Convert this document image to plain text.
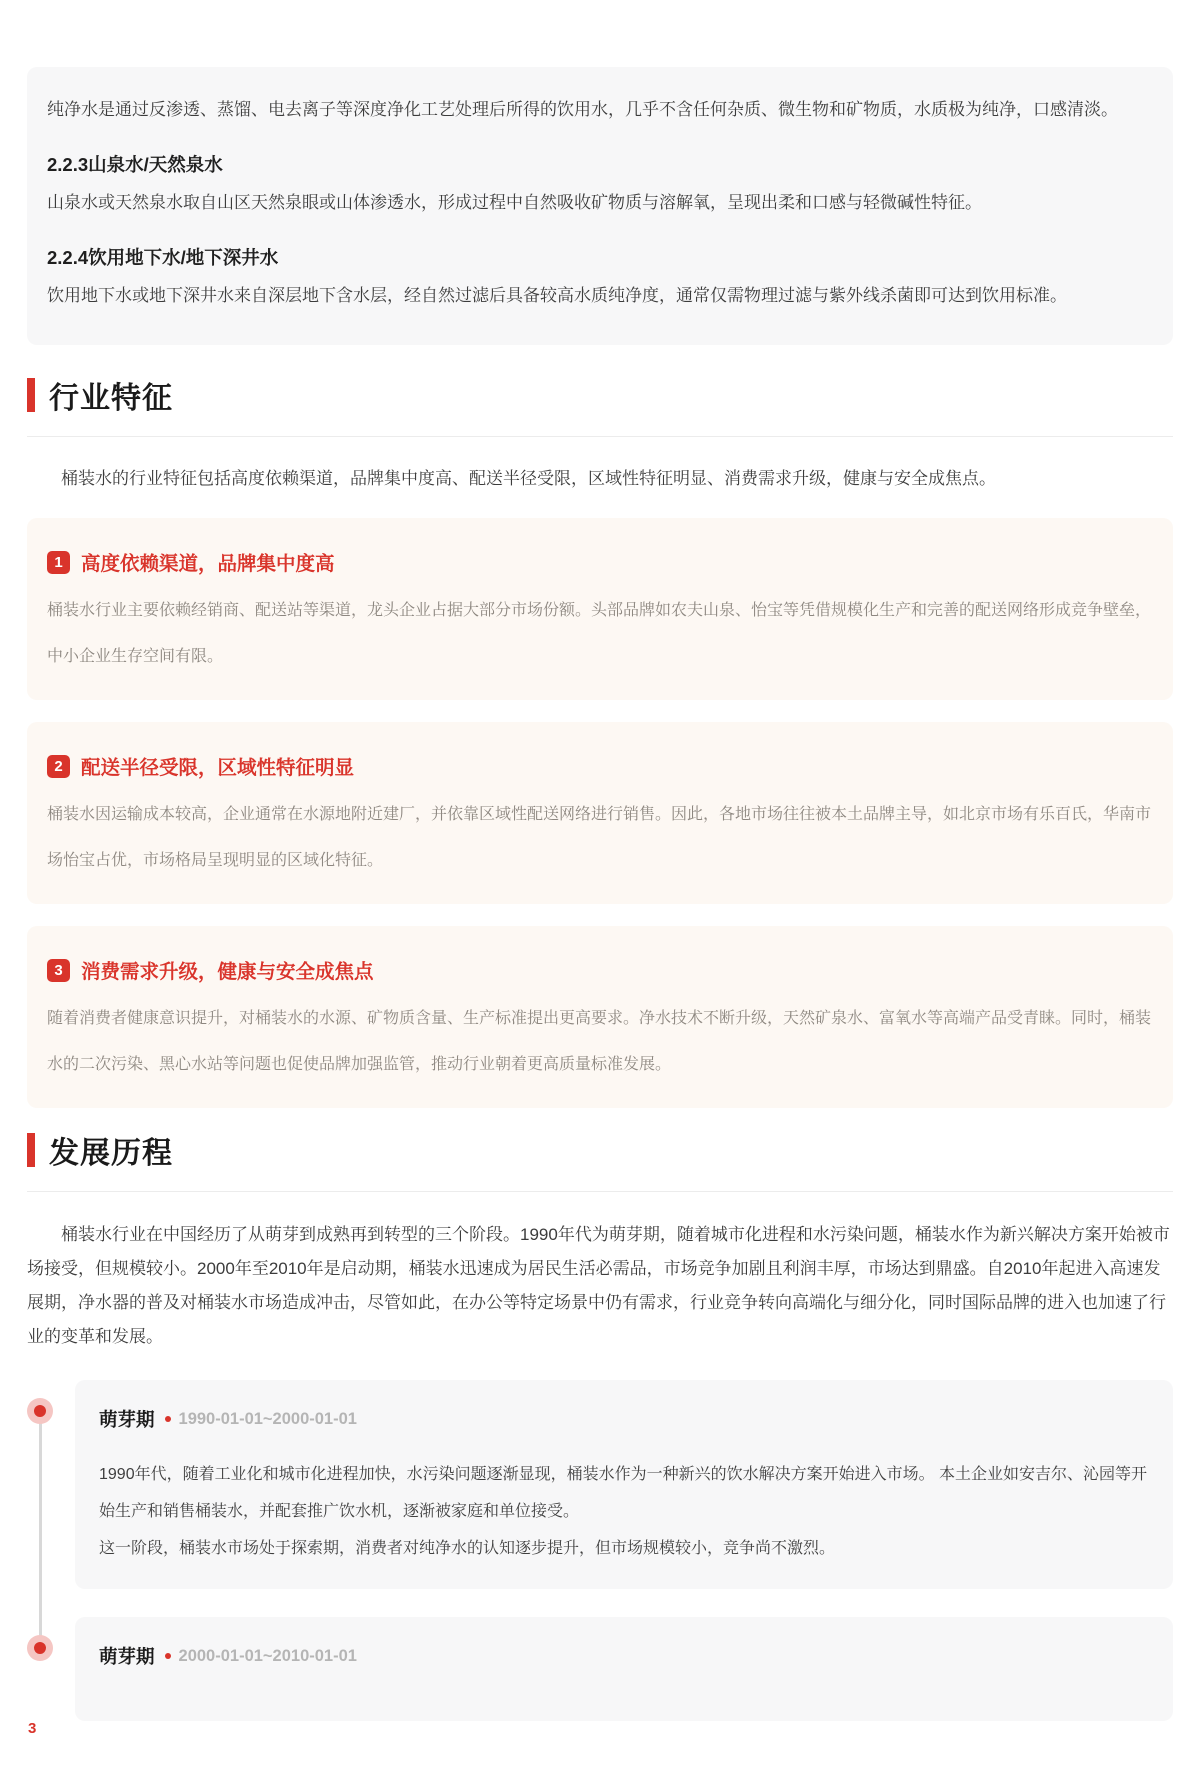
纯净水是通过反渗透、蒸馏、电去离子等深度净化工艺处理后所得的饮用水，几乎不含任何杂质、微生物和矿物质，水质极为纯净，口感清淡。

2.2.3山泉水/天然泉水

山泉水或天然泉水取自山区天然泉眼或山体渗透水，形成过程中自然吸收矿物质与溶解氧，呈现出柔和口感与轻微碱性特征。

2.2.4饮用地下水/地下深井水

饮用地下水或地下深井水来自深层地下含水层，经自然过滤后具备较高水质纯净度，通常仅需物理过滤与紫外线杀菌即可达到饮用标准。

行业特征

桶装水的行业特征包括高度依赖渠道，品牌集中度高、配送半径受限，区域性特征明显、消费需求升级，健康与安全成焦点。

1 高度依赖渠道，品牌集中度高

桶装水行业主要依赖经销商、配送站等渠道，龙头企业占据大部分市场份额。头部品牌如农夫山泉、怡宝等凭借规模化生产和完善的配送网络形成竞争壁垒，中小企业生存空间有限。

2 配送半径受限，区域性特征明显

桶装水因运输成本较高，企业通常在水源地附近建厂，并依靠区域性配送网络进行销售。因此，各地市场往往被本土品牌主导，如北京市场有乐百氏，华南市场怡宝占优，市场格局呈现明显的区域化特征。

3 消费需求升级，健康与安全成焦点

随着消费者健康意识提升，对桶装水的水源、矿物质含量、生产标准提出更高要求。净水技术不断升级，天然矿泉水、富氧水等高端产品受青睐。同时，桶装水的二次污染、黑心水站等问题也促使品牌加强监管，推动行业朝着更高质量标准发展。

发展历程

桶装水行业在中国经历了从萌芽到成熟再到转型的三个阶段。1990年代为萌芽期，随着城市化进程和水污染问题，桶装水作为新兴解决方案开始被市场接受，但规模较小。2000年至2010年是启动期，桶装水迅速成为居民生活必需品，市场竞争加剧且利润丰厚，市场达到鼎盛。自2010年起进入高速发展期，净水器的普及对桶装水市场造成冲击，尽管如此，在办公等特定场景中仍有需求，行业竞争转向高端化与细分化，同时国际品牌的进入也加速了行业的变革和发展。

萌芽期 1990-01-01~2000-01-01

1990年代，随着工业化和城市化进程加快，水污染问题逐渐显现，桶装水作为一种新兴的饮水解决方案开始进入市场。 本土企业如安吉尔、沁园等开始生产和销售桶装水，并配套推广饮水机，逐渐被家庭和单位接受。

这一阶段，桶装水市场处于探索期，消费者对纯净水的认知逐步提升，但市场规模较小，竞争尚不激烈。

萌芽期 2000-01-01~2010-01-01
3
